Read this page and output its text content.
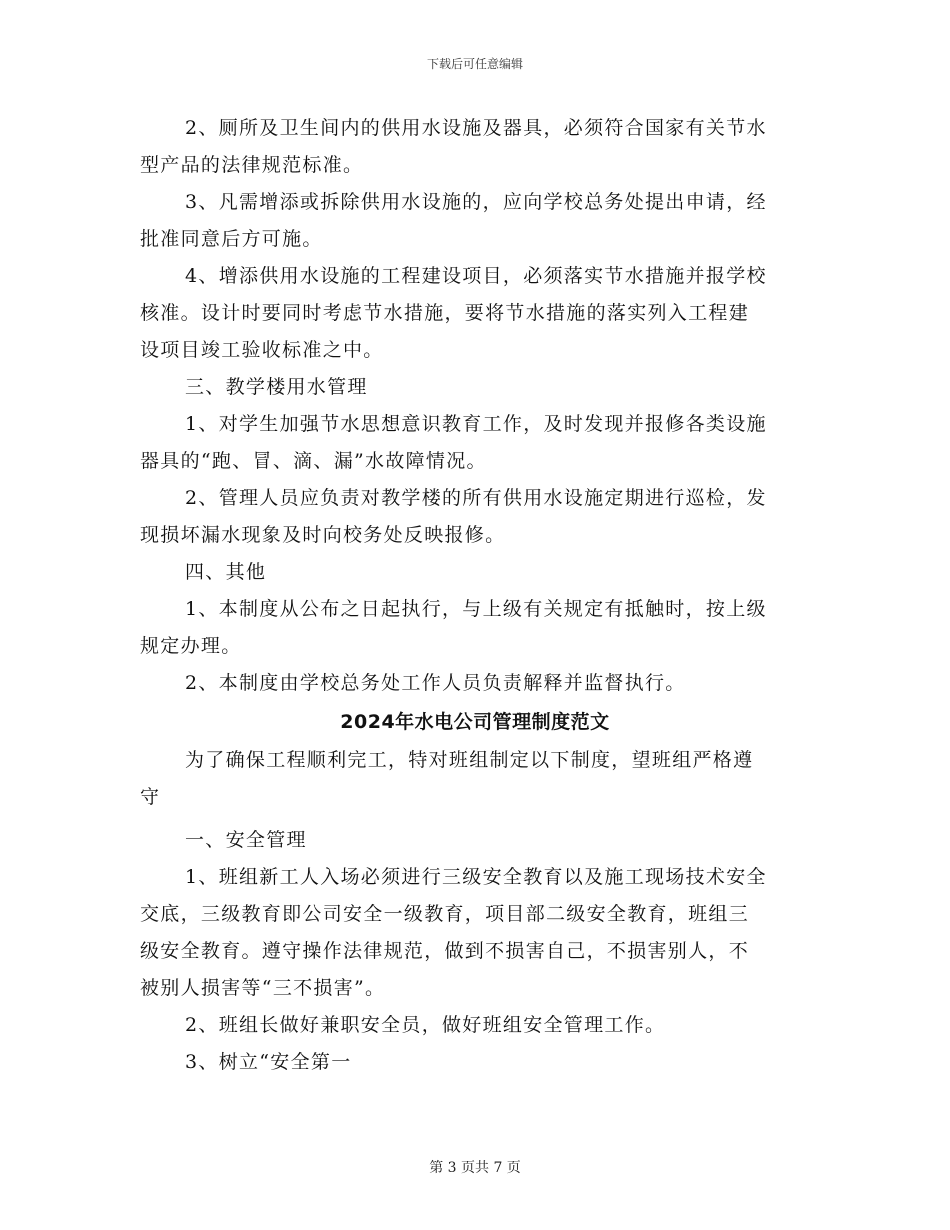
下载后可任意编辑
2、厕所及卫生间内的供用水设施及器具，必须符合国家有关节水
型产品的法律规范标准。
3、凡需增添或拆除供用水设施的，应向学校总务处提出申请，经
批准同意后方可施。
4、增添供用水设施的工程建设项目，必须落实节水措施并报学校
核准。设计时要同时考虑节水措施，要将节水措施的落实列入工程建
设项目竣工验收标准之中。
三、教学楼用水管理
1、对学生加强节水思想意识教育工作，及时发现并报修各类设施
器具的“跑、冒、滴、漏”水故障情况。
2、管理人员应负责对教学楼的所有供用水设施定期进行巡检，发
现损坏漏水现象及时向校务处反映报修。
四、其他
1、本制度从公布之日起执行，与上级有关规定有抵触时，按上级
规定办理。
2、本制度由学校总务处工作人员负责解释并监督执行。
2024年水电公司管理制度范文
为了确保工程顺利完工，特对班组制定以下制度，望班组严格遵
守
一、安全管理
1、班组新工人入场必须进行三级安全教育以及施工现场技术安全
交底，三级教育即公司安全一级教育，项目部二级安全教育，班组三
级安全教育。遵守操作法律规范，做到不损害自己，不损害别人，不
被别人损害等“三不损害”。
2、班组长做好兼职安全员，做好班组安全管理工作。
3、树立“安全第一
第 3 页共 7 页
